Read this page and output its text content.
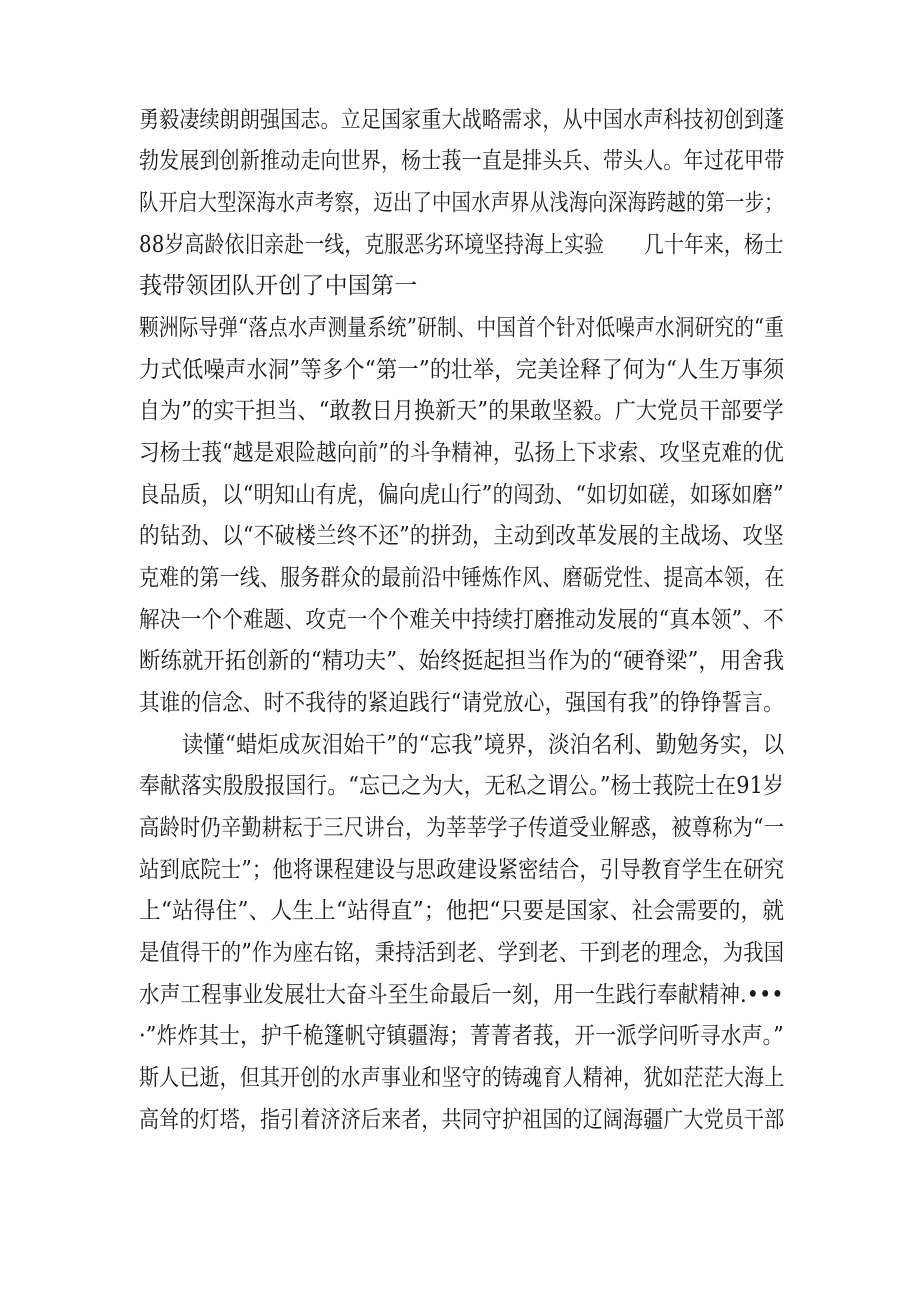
勇毅凄续朗朗强国志。立足国家重大战略需求，从中国水声科技初创到蓬
勃发展到创新推动走向世界，杨士莪一直是排头兵、带头人。年过花甲带
队开启大型深海水声考察，迈出了中国水声界从浅海向深海跨越的第一步；
88岁高龄依旧亲赴一线，克服恶劣环境坚持海上实验　　几十年来，杨士
莪带领团队开创了中国第一
颗洲际导弹“落点水声测量系统”研制、中国首个针对低噪声水洞研究的“重
力式低噪声水洞”等多个“第一”的壮举，完美诠释了何为“人生万事须
自为”的实干担当、“敢教日月换新天”的果敢坚毅。广大党员干部要学
习杨士莪“越是艰险越向前”的斗争精神，弘扬上下求索、攻坚克难的优
良品质，以“明知山有虎，偏向虎山行”的闯劲、“如切如磋，如琢如磨”
的钻劲、以“不破楼兰终不还”的拼劲，主动到改革发展的主战场、攻坚
克难的第一线、服务群众的最前沿中锤炼作风、磨砺党性、提高本领，在
解决一个个难题、攻克一个个难关中持续打磨推动发展的“真本领”、不
断练就开拓创新的“精功夫”、始终挺起担当作为的“硬脊梁”，用舍我
其谁的信念、时不我待的紧迫践行“请党放心，强国有我”的铮铮誓言。
　　读懂“蜡炬成灰泪始干”的“忘我”境界，淡泊名利、勤勉务实，以
奉献落实殷殷报国行。“忘己之为大，无私之谓公。”杨士莪院士在91岁
高龄时仍辛勤耕耘于三尺讲台，为莘莘学子传道受业解惑，被尊称为“一
站到底院士”；他将课程建设与思政建设紧密结合，引导教育学生在研究
上“站得住”、人生上“站得直”；他把“只要是国家、社会需要的，就
是值得干的”作为座右铭，秉持活到老、学到老、干到老的理念，为我国
水声工程事业发展壮大奋斗至生命最后一刻，用一生践行奉献精神.•••
·”炸炸其士，护千桅篷帆守镇疆海；菁菁者莪，开一派学问听寻水声。”
斯人已逝，但其开创的水声事业和坚守的铸魂育人精神，犹如茫茫大海上
高耸的灯塔，指引着济济后来者，共同守护祖国的辽阔海疆广大党员干部
